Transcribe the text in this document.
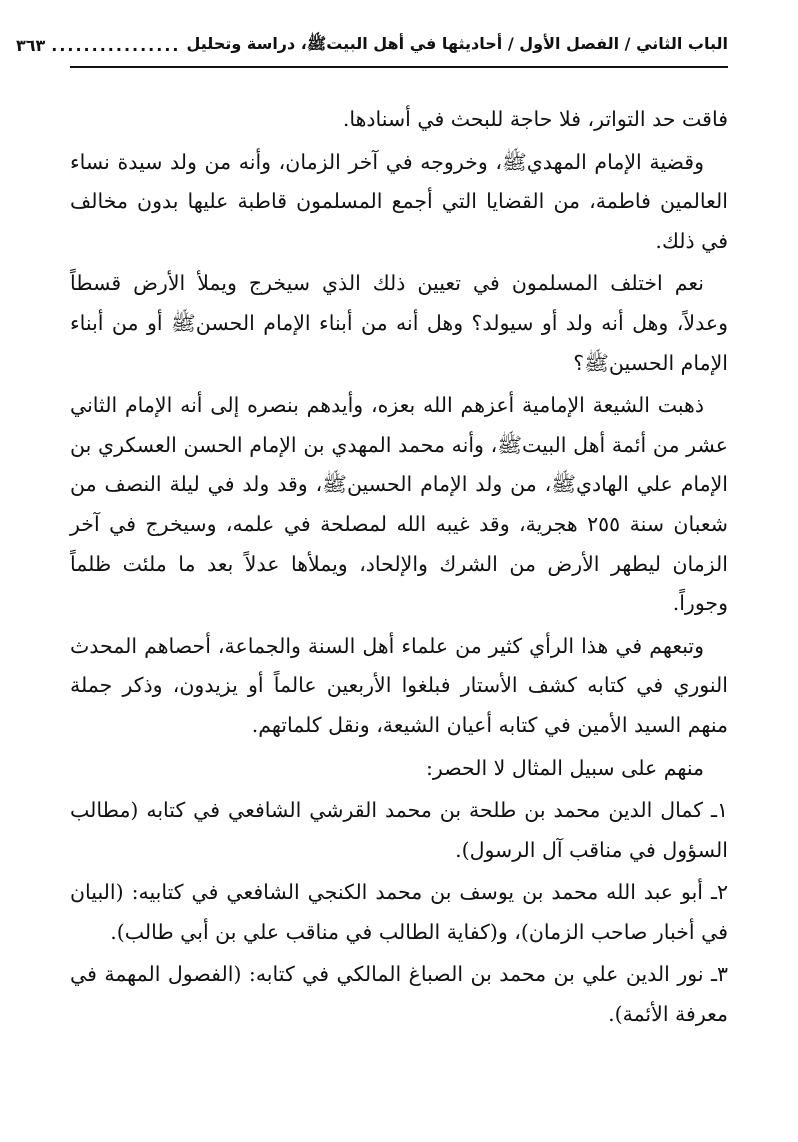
الباب الثاني / الفصل الأول / أحاديثها في أهل البيتﷺ، دراسة وتحليل
................
٣٦٣

فاقت حد التواتر، فلا حاجة للبحث في أسنادها.

وقضية الإمام المهديﷺ، وخروجه في آخر الزمان، وأنه من ولد سيدة نساء العالمين فاطمة، من القضايا التي أجمع المسلمون قاطبة عليها بدون مخالف في ذلك.

نعم اختلف المسلمون في تعيين ذلك الذي سيخرج ويملأ الأرض قسطاً وعدلاً، وهل أنه ولد أو سيولد؟ وهل أنه من أبناء الإمام الحسنﷺ أو من أبناء الإمام الحسينﷺ؟

ذهبت الشيعة الإمامية أعزهم الله بعزه، وأيدهم بنصره إلى أنه الإمام الثاني عشر من أئمة أهل البيتﷺ، وأنه محمد المهدي بن الإمام الحسن العسكري بن الإمام علي الهاديﷺ، من ولد الإمام الحسينﷺ، وقد ولد في ليلة النصف من شعبان سنة ٢٥٥ هجرية، وقد غيبه الله لمصلحة في علمه، وسيخرج في آخر الزمان ليطهر الأرض من الشرك والإلحاد، ويملأها عدلاً بعد ما ملئت ظلماً وجوراً.

وتبعهم في هذا الرأي كثير من علماء أهل السنة والجماعة، أحصاهم المحدث النوري في كتابه كشف الأستار فبلغوا الأربعين عالماً أو يزيدون، وذكر جملة منهم السيد الأمين في كتابه أعيان الشيعة، ونقل كلماتهم.

منهم على سبيل المثال لا الحصر:

١ـ كمال الدين محمد بن طلحة بن محمد القرشي الشافعي في كتابه (مطالب السؤول في مناقب آل الرسول).

٢ـ أبو عبد الله محمد بن يوسف بن محمد الكنجي الشافعي في كتابيه: (البيان في أخبار صاحب الزمان)، و(كفاية الطالب في مناقب علي بن أبي طالب).

٣ـ نور الدين علي بن محمد بن الصباغ المالكي في كتابه: (الفصول المهمة في معرفة الأئمة).
